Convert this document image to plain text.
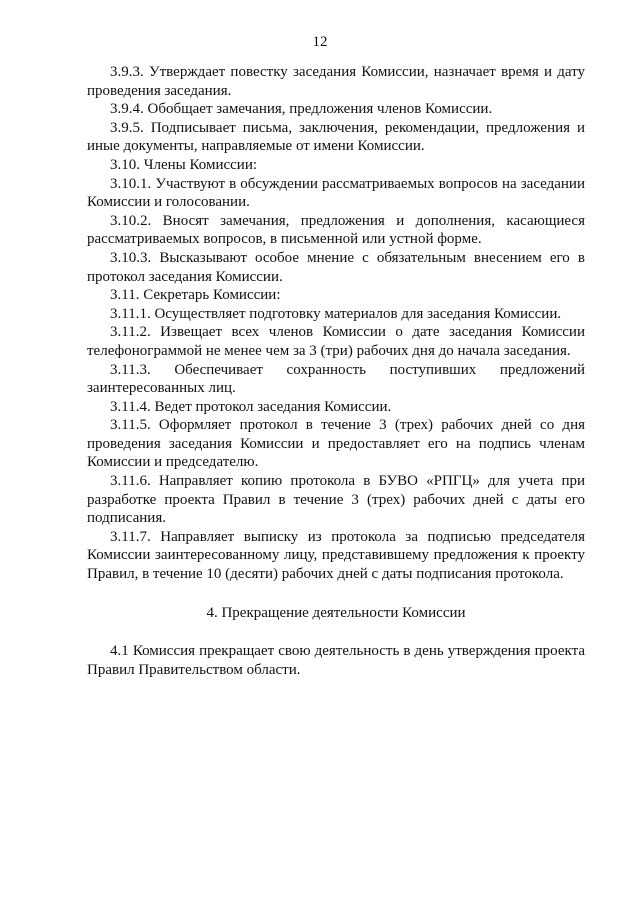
12

3.9.3. Утверждает повестку заседания Комиссии, назначает время и дату проведения заседания.

3.9.4. Обобщает замечания, предложения членов Комиссии.

3.9.5. Подписывает письма, заключения, рекомендации, предложения и иные документы, направляемые от имени Комиссии.

3.10. Члены Комиссии:

3.10.1. Участвуют в обсуждении рассматриваемых вопросов на заседании Комиссии и голосовании.

3.10.2. Вносят замечания, предложения и дополнения, касающиеся рассматриваемых вопросов, в письменной или устной форме.

3.10.3. Высказывают особое мнение с обязательным внесением его в протокол заседания Комиссии.

3.11. Секретарь Комиссии:

3.11.1. Осуществляет подготовку материалов для заседания Комиссии.

3.11.2. Извещает всех членов Комиссии о дате заседания Комиссии телефонограммой не менее чем за 3 (три) рабочих дня до начала заседания.

3.11.3. Обеспечивает сохранность поступивших предложений заинтересованных лиц.

3.11.4. Ведет протокол заседания Комиссии.

3.11.5. Оформляет протокол в течение 3 (трех) рабочих дней со дня проведения заседания Комиссии и предоставляет его на подпись членам Комиссии и председателю.

3.11.6. Направляет копию протокола в БУВО «РПГЦ» для учета при разработке проекта Правил в течение 3 (трех) рабочих дней с даты его подписания.

3.11.7. Направляет выписку из протокола за подписью председателя Комиссии заинтересованному лицу, представившему предложения к проекту Правил, в течение 10 (десяти) рабочих дней с даты подписания протокола.

4. Прекращение деятельности Комиссии

4.1 Комиссия прекращает свою деятельность в день утверждения проекта Правил Правительством области.
